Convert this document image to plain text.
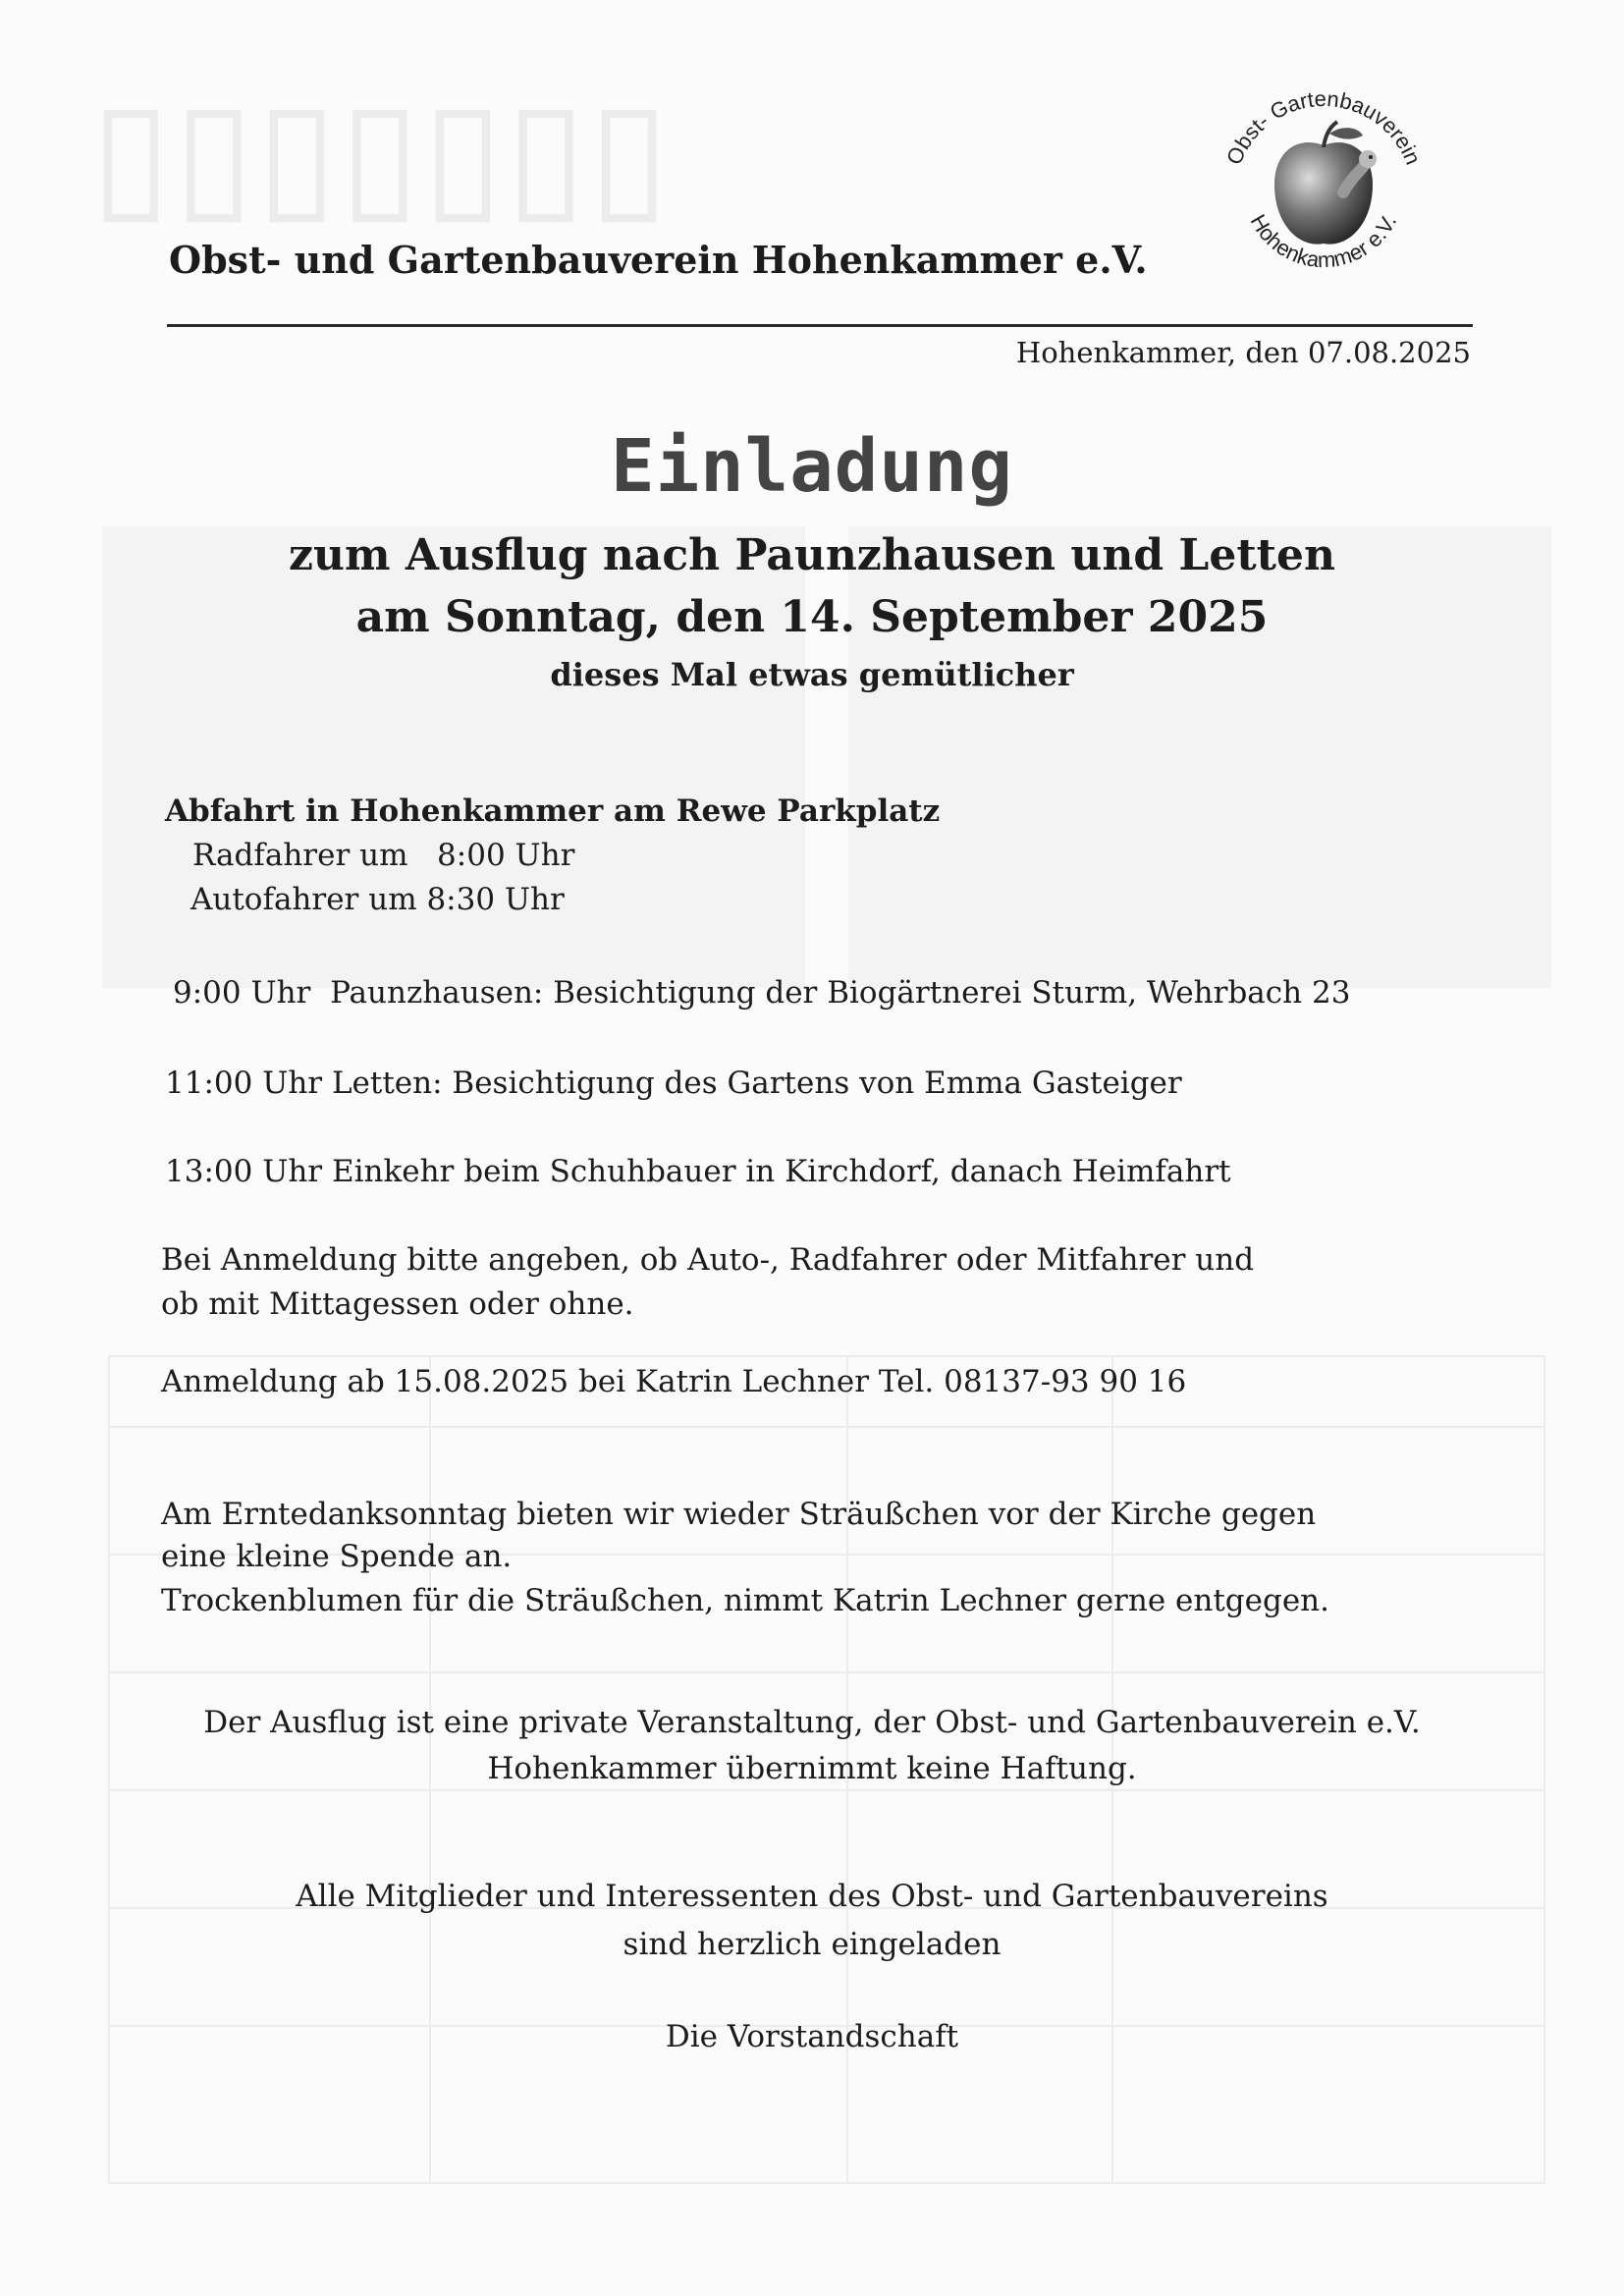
▯▯▯▯▯▯▯
Obst- und Gartenbauverein Hohenkammer e.V.
Obst- Gartenbauverein
Hohenkammer e.V.
Hohenkammer, den 07.08.2025
Einladung
zum Ausflug nach Paunzhausen und Letten
am Sonntag, den 14. September 2025
dieses Mal etwas gemütlicher
Abfahrt in Hohenkammer am Rewe Parkplatz
Radfahrer um   8:00 Uhr
Autofahrer um 8:30 Uhr
9:00 Uhr  Paunzhausen: Besichtigung der Biogärtnerei Sturm, Wehrbach 23
11:00 Uhr Letten: Besichtigung des Gartens von Emma Gasteiger
13:00 Uhr Einkehr beim Schuhbauer in Kirchdorf, danach Heimfahrt
Bei Anmeldung bitte angeben, ob Auto-, Radfahrer oder Mitfahrer und
ob mit Mittagessen oder ohne.
Anmeldung ab 15.08.2025 bei Katrin Lechner Tel. 08137-93 90 16
Am Erntedanksonntag bieten wir wieder Sträußchen vor der Kirche gegen
eine kleine Spende an.
Trockenblumen für die Sträußchen, nimmt Katrin Lechner gerne entgegen.
Der Ausflug ist eine private Veranstaltung, der Obst- und Gartenbauverein e.V.
Hohenkammer übernimmt keine Haftung.
Alle Mitglieder und Interessenten des Obst- und Gartenbauvereins
sind herzlich eingeladen
Die Vorstandschaft
